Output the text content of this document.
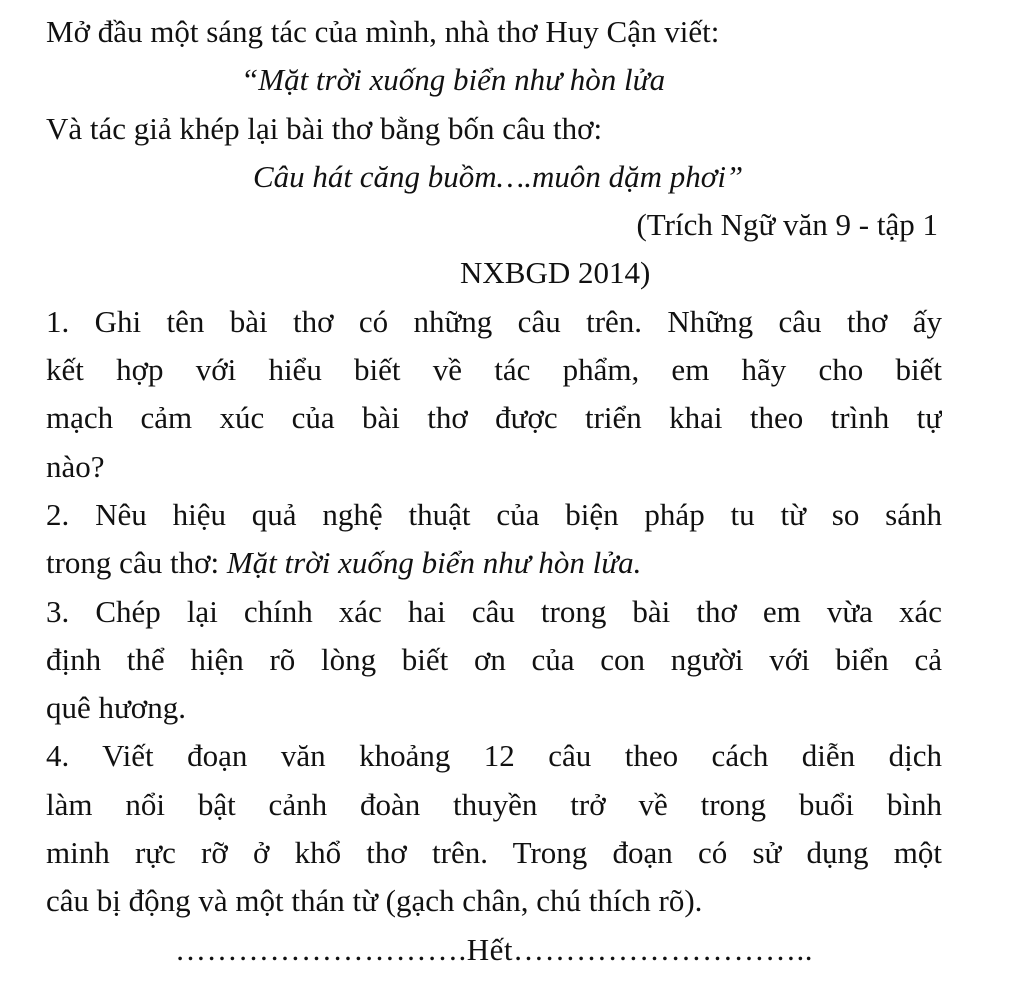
Mở đầu một sáng tác của mình, nhà thơ Huy Cận viết:
“Mặt trời xuống biển như hòn lửa
Và tác giả khép lại bài thơ bằng bốn câu thơ:
Câu hát căng buồm….muôn dặm phơi”
(Trích Ngữ văn 9 - tập 1
NXBGD 2014)
1. Ghi tên bài thơ có những câu trên. Những câu thơ ấy
kết hợp với hiểu biết về tác phẩm, em hãy cho biết
mạch cảm xúc của bài thơ được triển khai theo trình tự
nào?
2. Nêu hiệu quả nghệ thuật của biện pháp tu từ so sánh
trong câu thơ: Mặt trời xuống biển như hòn lửa.
3. Chép lại chính xác hai câu trong bài thơ em vừa xác
định thể hiện rõ lòng biết ơn của con người với biển cả
quê hương.
4. Viết đoạn văn khoảng 12 câu theo cách diễn dịch
làm nổi bật cảnh đoàn thuyền trở về trong buổi bình
minh rực rỡ ở khổ thơ trên. Trong đoạn có sử dụng một
câu bị động và một thán từ (gạch chân, chú thích rõ).
……………………….Hết………………………..
